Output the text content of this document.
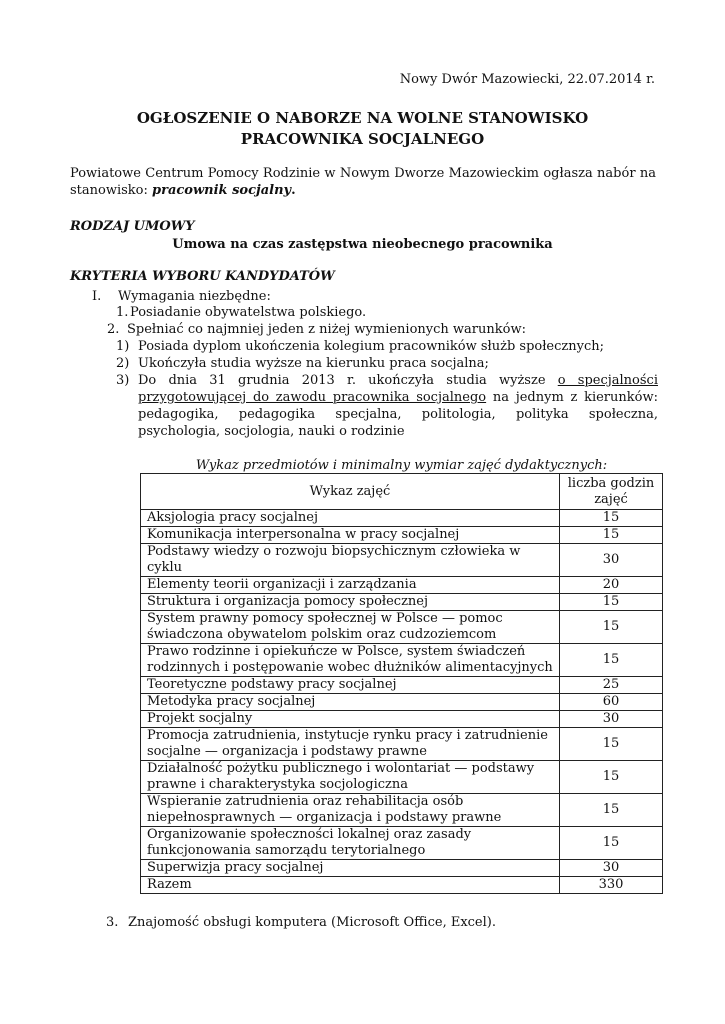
Nowy Dwór Mazowiecki, 22.07.2014 r.
OGŁOSZENIE O NABORZE NA WOLNE STANOWISKO
PRACOWNIKA SOCJALNEGO
Powiatowe Centrum Pomocy Rodzinie w Nowym Dworze Mazowieckim ogłasza nabór na
stanowisko: pracownik socjalny.
RODZAJ UMOWY
Umowa na czas zastępstwa nieobecnego pracownika
KRYTERIA WYBORU KANDYDATÓW
I. Wymagania niezbędne:
1. Posiadanie obywatelstwa polskiego.
2. Spełniać co najmniej jeden z niżej wymienionych warunków:
1) Posiada dyplom ukończenia kolegium pracowników służb społecznych;
2) Ukończyła studia wyższe na kierunku praca socjalna;
3) Do dnia 31 grudnia 2013 r. ukończyła studia wyższe o specjalności przygotowującej do zawodu pracownika socjalnego na jednym z kierunków: pedagogika, pedagogika specjalna, politologia, polityka społeczna, psychologia, socjologia, nauki o rodzinie
Wykaz przedmiotów i minimalny wymiar zajęć dydaktycznych:
Wykaz zajęć	liczba godzin zajęć
Aksjologia pracy socjalnej	15
Komunikacja interpersonalna w pracy socjalnej	15
Podstawy wiedzy o rozwoju biopsychicznym człowieka w cyklu	30
Elementy teorii organizacji i zarządzania	20
Struktura i organizacja pomocy społecznej	15
System prawny pomocy społecznej w Polsce — pomoc świadczona obywatelom polskim oraz cudzoziemcom	15
Prawo rodzinne i opiekuńcze w Polsce, system świadczeń rodzinnych i postępowanie wobec dłużników alimentacyjnych	15
Teoretyczne podstawy pracy socjalnej	25
Metodyka pracy socjalnej	60
Projekt socjalny	30
Promocja zatrudnienia, instytucje rynku pracy i zatrudnienie socjalne — organizacja i podstawy prawne	15
Działalność pożytku publicznego i wolontariat — podstawy prawne i charakterystyka socjologiczna	15
Wspieranie zatrudnienia oraz rehabilitacja osób niepełnosprawnych — organizacja i podstawy prawne	15
Organizowanie społeczności lokalnej oraz zasady funkcjonowania samorządu terytorialnego	15
Superwizja pracy socjalnej	30
Razem	330
3. Znajomość obsługi komputera (Microsoft Office, Excel).
